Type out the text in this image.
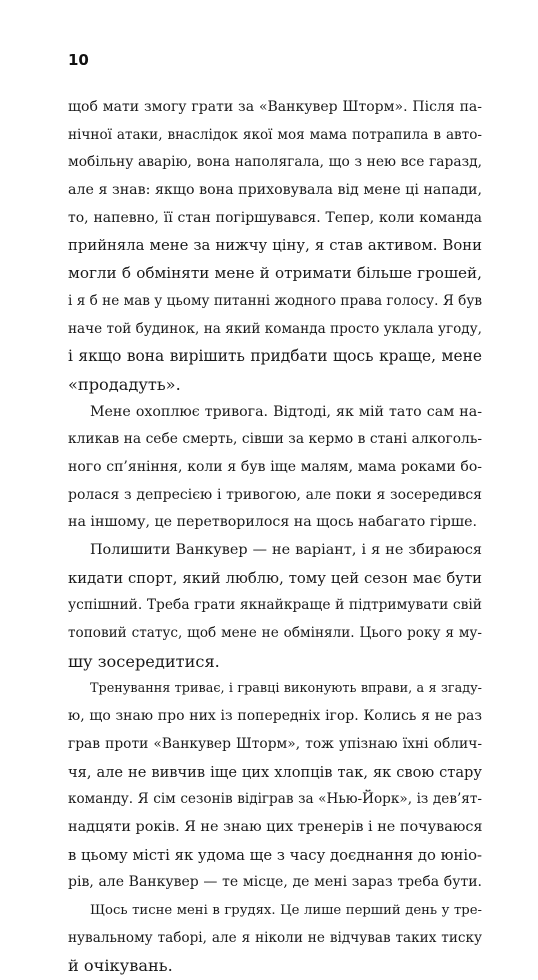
10
щоб мати змогу грати за «Ванкувер Шторм». Після па-
нічної атаки, внаслідок якої моя мама потрапила в авто-
мобільну аварію, вона наполягала, що з нею все гаразд,
але я знав: якщо вона приховувала від мене ці напади,
то, напевно, її стан погіршувався. Тепер, коли команда
прийняла мене за нижчу ціну, я став активом. Вони
могли б обміняти мене й отримати більше грошей,
і я б не мав у цьому питанні жодного права голосу. Я був
наче той будинок, на який команда просто уклала угоду,
і якщо вона вирішить придбати щось краще, мене
«продадуть».
Мене охоплює тривога. Відтоді, як мій тато сам на-
кликав на себе смерть, сівши за кермо в стані алкоголь-
ного сп’яніння, коли я був іще малям, мама роками бо-
ролася з депресією і тривогою, але поки я зосередився
на іншому, це перетворилося на щось набагато гірше.
Полишити Ванкувер — не варіант, і я не збираюся
кидати спорт, який люблю, тому цей сезон має бути
успішний. Треба грати якнайкраще й підтримувати свій
топовий статус, щоб мене не обміняли. Цього року я му-
шу зосередитися.
Тренування триває, і гравці виконують вправи, а я згаду-
ю, що знаю про них із попередніх ігор. Колись я не раз
грав проти «Ванкувер Шторм», тож упізнаю їхні облич-
чя, але не вивчив іще цих хлопців так, як свою стару
команду. Я сім сезонів відіграв за «Нью-Йорк», із дев’ят-
надцяти років. Я не знаю цих тренерів і не почуваюся
в цьому місті як удома ще з часу доєднання до юніо-
рів, але Ванкувер — те місце, де мені зараз треба бути.
Щось тисне мені в грудях. Це лише перший день у тре-
нувальному таборі, але я ніколи не відчував таких тиску
й очікувань.
